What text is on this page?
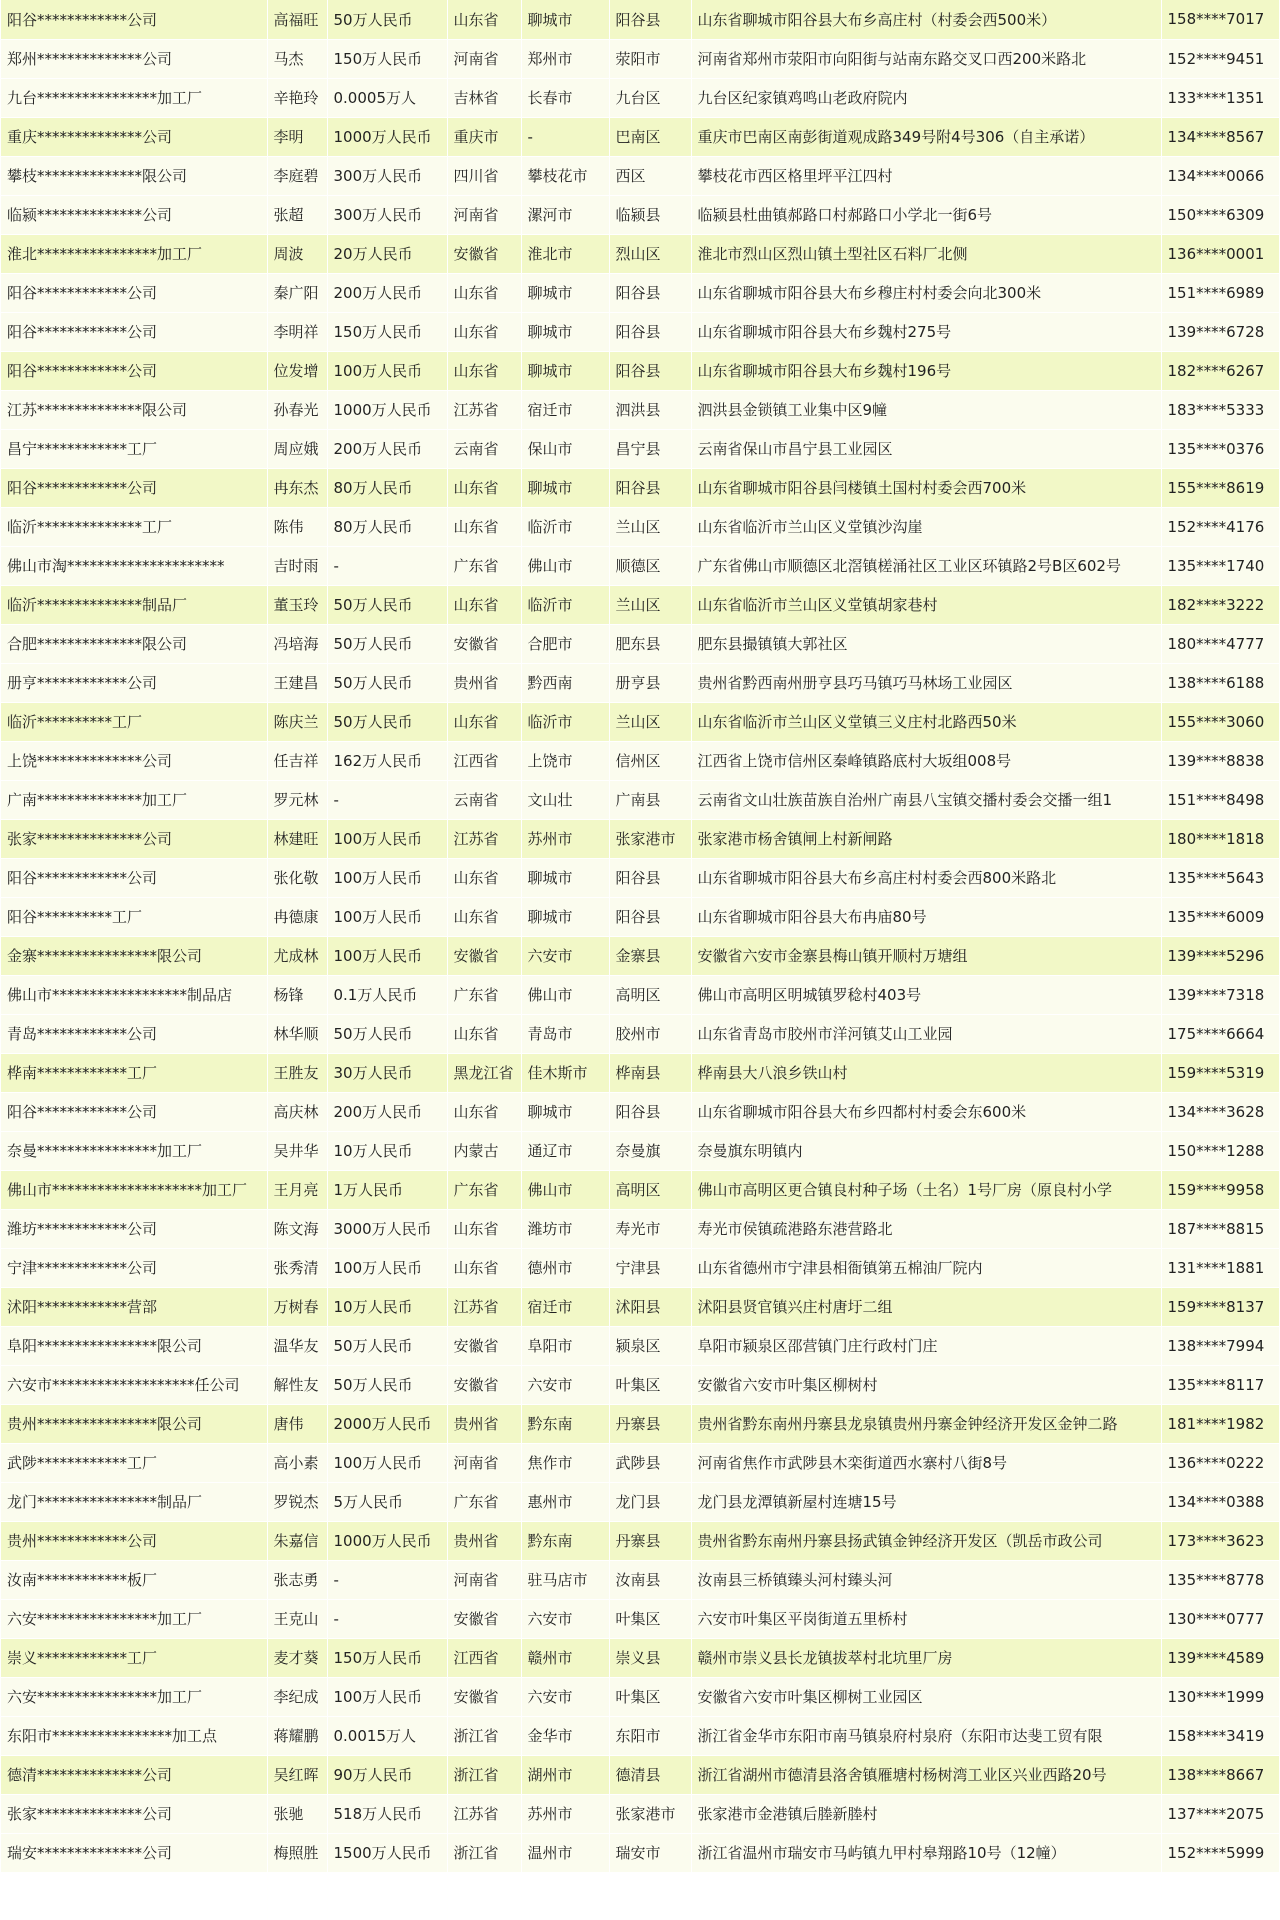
阳谷************公司	高福旺	50万人民币	山东省	聊城市	阳谷县	山东省聊城市阳谷县大布乡高庄村（村委会西500米）	158****7017
郑州**************公司	马杰	150万人民币	河南省	郑州市	荥阳市	河南省郑州市荥阳市向阳街与站南东路交叉口西200米路北	152****9451
九台****************加工厂	辛艳玲	0.0005万人	吉林省	长春市	九台区	九台区纪家镇鸡鸣山老政府院内	133****1351
重庆**************公司	李明	1000万人民币	重庆市	-	巴南区	重庆市巴南区南彭街道观成路349号附4号306（自主承诺）	134****8567
攀枝**************限公司	李庭碧	300万人民币	四川省	攀枝花市	西区	攀枝花市西区格里坪平江四村	134****0066
临颍**************公司	张超	300万人民币	河南省	漯河市	临颍县	临颍县杜曲镇郝路口村郝路口小学北一街6号	150****6309
淮北****************加工厂	周波	20万人民币	安徽省	淮北市	烈山区	淮北市烈山区烈山镇土型社区石料厂北侧	136****0001
阳谷************公司	秦广阳	200万人民币	山东省	聊城市	阳谷县	山东省聊城市阳谷县大布乡穆庄村村委会向北300米	151****6989
阳谷************公司	李明祥	150万人民币	山东省	聊城市	阳谷县	山东省聊城市阳谷县大布乡魏村275号	139****6728
阳谷************公司	位发增	100万人民币	山东省	聊城市	阳谷县	山东省聊城市阳谷县大布乡魏村196号	182****6267
江苏**************限公司	孙春光	1000万人民币	江苏省	宿迁市	泗洪县	泗洪县金锁镇工业集中区9幢	183****5333
昌宁************工厂	周应娥	200万人民币	云南省	保山市	昌宁县	云南省保山市昌宁县工业园区	135****0376
阳谷************公司	冉东杰	80万人民币	山东省	聊城市	阳谷县	山东省聊城市阳谷县闫楼镇土国村村委会西700米	155****8619
临沂**************工厂	陈伟	80万人民币	山东省	临沂市	兰山区	山东省临沂市兰山区义堂镇沙沟崖	152****4176
佛山市淘*********************	吉时雨	-	广东省	佛山市	顺德区	广东省佛山市顺德区北滘镇槎涌社区工业区环镇路2号B区602号	135****1740
临沂**************制品厂	董玉玲	50万人民币	山东省	临沂市	兰山区	山东省临沂市兰山区义堂镇胡家巷村	182****3222
合肥**************限公司	冯培海	50万人民币	安徽省	合肥市	肥东县	肥东县撮镇镇大郭社区	180****4777
册亨************公司	王建昌	50万人民币	贵州省	黔西南	册亨县	贵州省黔西南州册亨县巧马镇巧马林场工业园区	138****6188
临沂**********工厂	陈庆兰	50万人民币	山东省	临沂市	兰山区	山东省临沂市兰山区义堂镇三义庄村北路西50米	155****3060
上饶**************公司	任吉祥	162万人民币	江西省	上饶市	信州区	江西省上饶市信州区秦峰镇路底村大坂组008号	139****8838
广南**************加工厂	罗元林	-	云南省	文山壮	广南县	云南省文山壮族苗族自治州广南县八宝镇交播村委会交播一组1	151****8498
张家**************公司	林建旺	100万人民币	江苏省	苏州市	张家港市	张家港市杨舍镇闸上村新闸路	180****1818
阳谷************公司	张化敬	100万人民币	山东省	聊城市	阳谷县	山东省聊城市阳谷县大布乡高庄村村委会西800米路北	135****5643
阳谷**********工厂	冉德康	100万人民币	山东省	聊城市	阳谷县	山东省聊城市阳谷县大布冉庙80号	135****6009
金寨****************限公司	尤成林	100万人民币	安徽省	六安市	金寨县	安徽省六安市金寨县梅山镇开顺村万塘组	139****5296
佛山市******************制品店	杨锋	0.1万人民币	广东省	佛山市	高明区	佛山市高明区明城镇罗稔村403号	139****7318
青岛************公司	林华顺	50万人民币	山东省	青岛市	胶州市	山东省青岛市胶州市洋河镇艾山工业园	175****6664
桦南************工厂	王胜友	30万人民币	黑龙江省	佳木斯市	桦南县	桦南县大八浪乡铁山村	159****5319
阳谷************公司	高庆林	200万人民币	山东省	聊城市	阳谷县	山东省聊城市阳谷县大布乡四都村村委会东600米	134****3628
奈曼****************加工厂	吴井华	10万人民币	内蒙古	通辽市	奈曼旗	奈曼旗东明镇内	150****1288
佛山市********************加工厂	王月亮	1万人民币	广东省	佛山市	高明区	佛山市高明区更合镇良村种子场（土名）1号厂房（原良村小学	159****9958
潍坊************公司	陈文海	3000万人民币	山东省	潍坊市	寿光市	寿光市侯镇疏港路东港营路北	187****8815
宁津************公司	张秀清	100万人民币	山东省	德州市	宁津县	山东省德州市宁津县相衙镇第五棉油厂院内	131****1881
沭阳************营部	万树春	10万人民币	江苏省	宿迁市	沭阳县	沭阳县贤官镇兴庄村唐圩二组	159****8137
阜阳****************限公司	温华友	50万人民币	安徽省	阜阳市	颍泉区	阜阳市颍泉区邵营镇门庄行政村门庄	138****7994
六安市*******************任公司	解性友	50万人民币	安徽省	六安市	叶集区	安徽省六安市叶集区柳树村	135****8117
贵州****************限公司	唐伟	2000万人民币	贵州省	黔东南	丹寨县	贵州省黔东南州丹寨县龙泉镇贵州丹寨金钟经济开发区金钟二路	181****1982
武陟************工厂	高小素	100万人民币	河南省	焦作市	武陟县	河南省焦作市武陟县木栾街道西水寨村八街8号	136****0222
龙门****************制品厂	罗锐杰	5万人民币	广东省	惠州市	龙门县	龙门县龙潭镇新屋村连塘15号	134****0388
贵州************公司	朱嘉信	1000万人民币	贵州省	黔东南	丹寨县	贵州省黔东南州丹寨县扬武镇金钟经济开发区（凯岳市政公司	173****3623
汝南************板厂	张志勇	-	河南省	驻马店市	汝南县	汝南县三桥镇臻头河村臻头河	135****8778
六安****************加工厂	王克山	-	安徽省	六安市	叶集区	六安市叶集区平岗街道五里桥村	130****0777
崇义************工厂	麦才葵	150万人民币	江西省	赣州市	崇义县	赣州市崇义县长龙镇拔萃村北坑里厂房	139****4589
六安****************加工厂	李纪成	100万人民币	安徽省	六安市	叶集区	安徽省六安市叶集区柳树工业园区	130****1999
东阳市****************加工点	蒋耀鹏	0.0015万人	浙江省	金华市	东阳市	浙江省金华市东阳市南马镇泉府村泉府（东阳市达斐工贸有限	158****3419
德清**************公司	吴红晖	90万人民币	浙江省	湖州市	德清县	浙江省湖州市德清县洛舍镇雁塘村杨树湾工业区兴业西路20号	138****8667
张家**************公司	张驰	518万人民币	江苏省	苏州市	张家港市	张家港市金港镇后塍新塍村	137****2075
瑞安**************公司	梅照胜	1500万人民币	浙江省	温州市	瑞安市	浙江省温州市瑞安市马屿镇九甲村皋翔路10号（12幢）	152****5999
